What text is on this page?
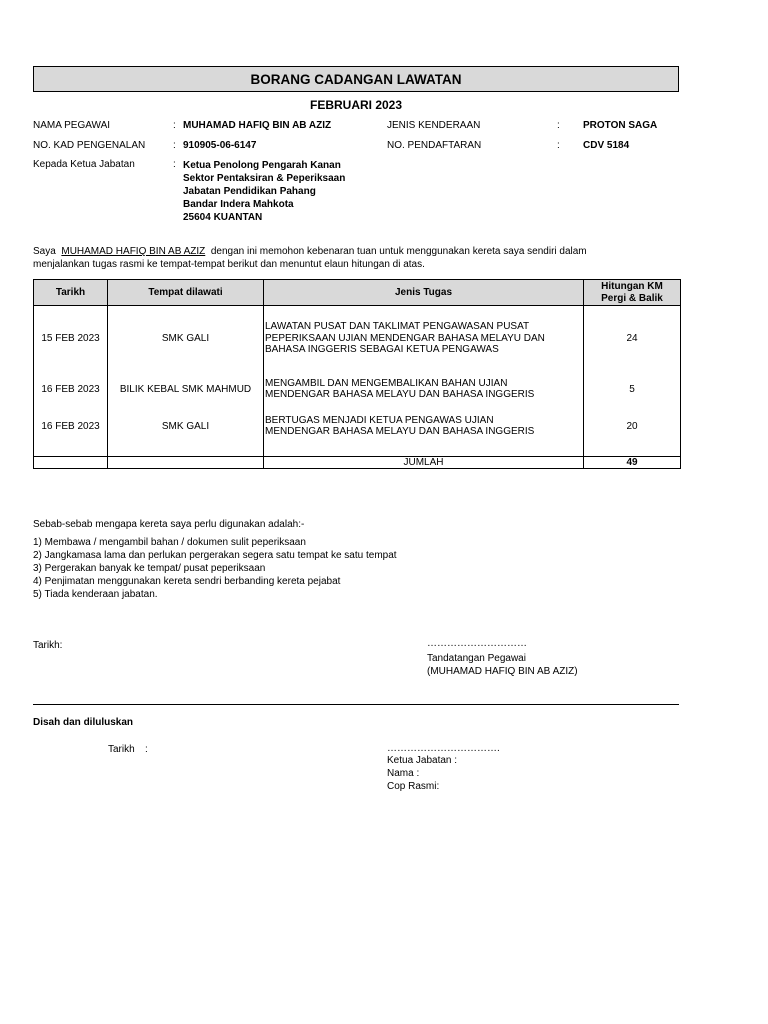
BORANG CADANGAN LAWATAN
FEBRUARI 2023
NAMA PEGAWAI	: MUHAMAD HAFIQ BIN AB AZIZ
NO. KAD PENGENALAN	: 910905-06-6147
Kepada Ketua Jabatan	: Ketua Penolong Pengarah Kanan
Sektor Pentaksiran & Peperiksaan
Jabatan Pendidikan Pahang
Bandar Indera Mahkota
25604 KUANTAN
JENIS KENDERAAN	: PROTON SAGA
NO. PENDAFTARAN	: CDV 5184
Saya MUHAMAD HAFIQ BIN AB AZIZ dengan ini memohon kebenaran tuan untuk menggunakan kereta saya sendiri dalam
menjalankan tugas rasmi ke tempat-tempat berikut dan menuntut elaun hitungan di atas.
Tarikh	Tempat dilawati	Jenis Tugas	Hitungan KM
Pergi & Balik

15 FEB 2023	SMK GALI	LAWATAN PUSAT DAN TAKLIMAT PENGAWASAN PUSAT
PEPERIKSAAN UJIAN MENDENGAR BAHASA MELAYU DAN
BAHASA INGGERIS SEBAGAI KETUA PENGAWAS	24

16 FEB 2023	BILIK KEBAL SMK MAHMUD	MENGAMBIL DAN MENGEMBALIKAN BAHAN UJIAN
MENDENGAR BAHASA MELAYU DAN BAHASA INGGERIS	5
16 FEB 2023	SMK GALI	BERTUGAS MENJADI KETUA PENGAWAS UJIAN
MENDENGAR BAHASA MELAYU DAN BAHASA INGGERIS	20

		JUMLAH	49
Sebab-sebab mengapa kereta saya perlu digunakan adalah:-
1) Membawa / mengambil bahan / dokumen sulit peperiksaan
2) Jangkamasa lama dan perlukan pergerakan segera satu tempat ke satu tempat
3) Pergerakan banyak ke tempat/ pusat peperiksaan
4) Penjimatan menggunakan kereta sendri berbanding kereta pejabat
5) Tiada kenderaan jabatan.
Tarikh:	…………………………
Tandatangan Pegawai
(MUHAMAD HAFIQ BIN AB AZIZ)
Disah dan diluluskan
Tarikh :	…………………………….
Ketua Jabatan :
Nama :
Cop Rasmi:
